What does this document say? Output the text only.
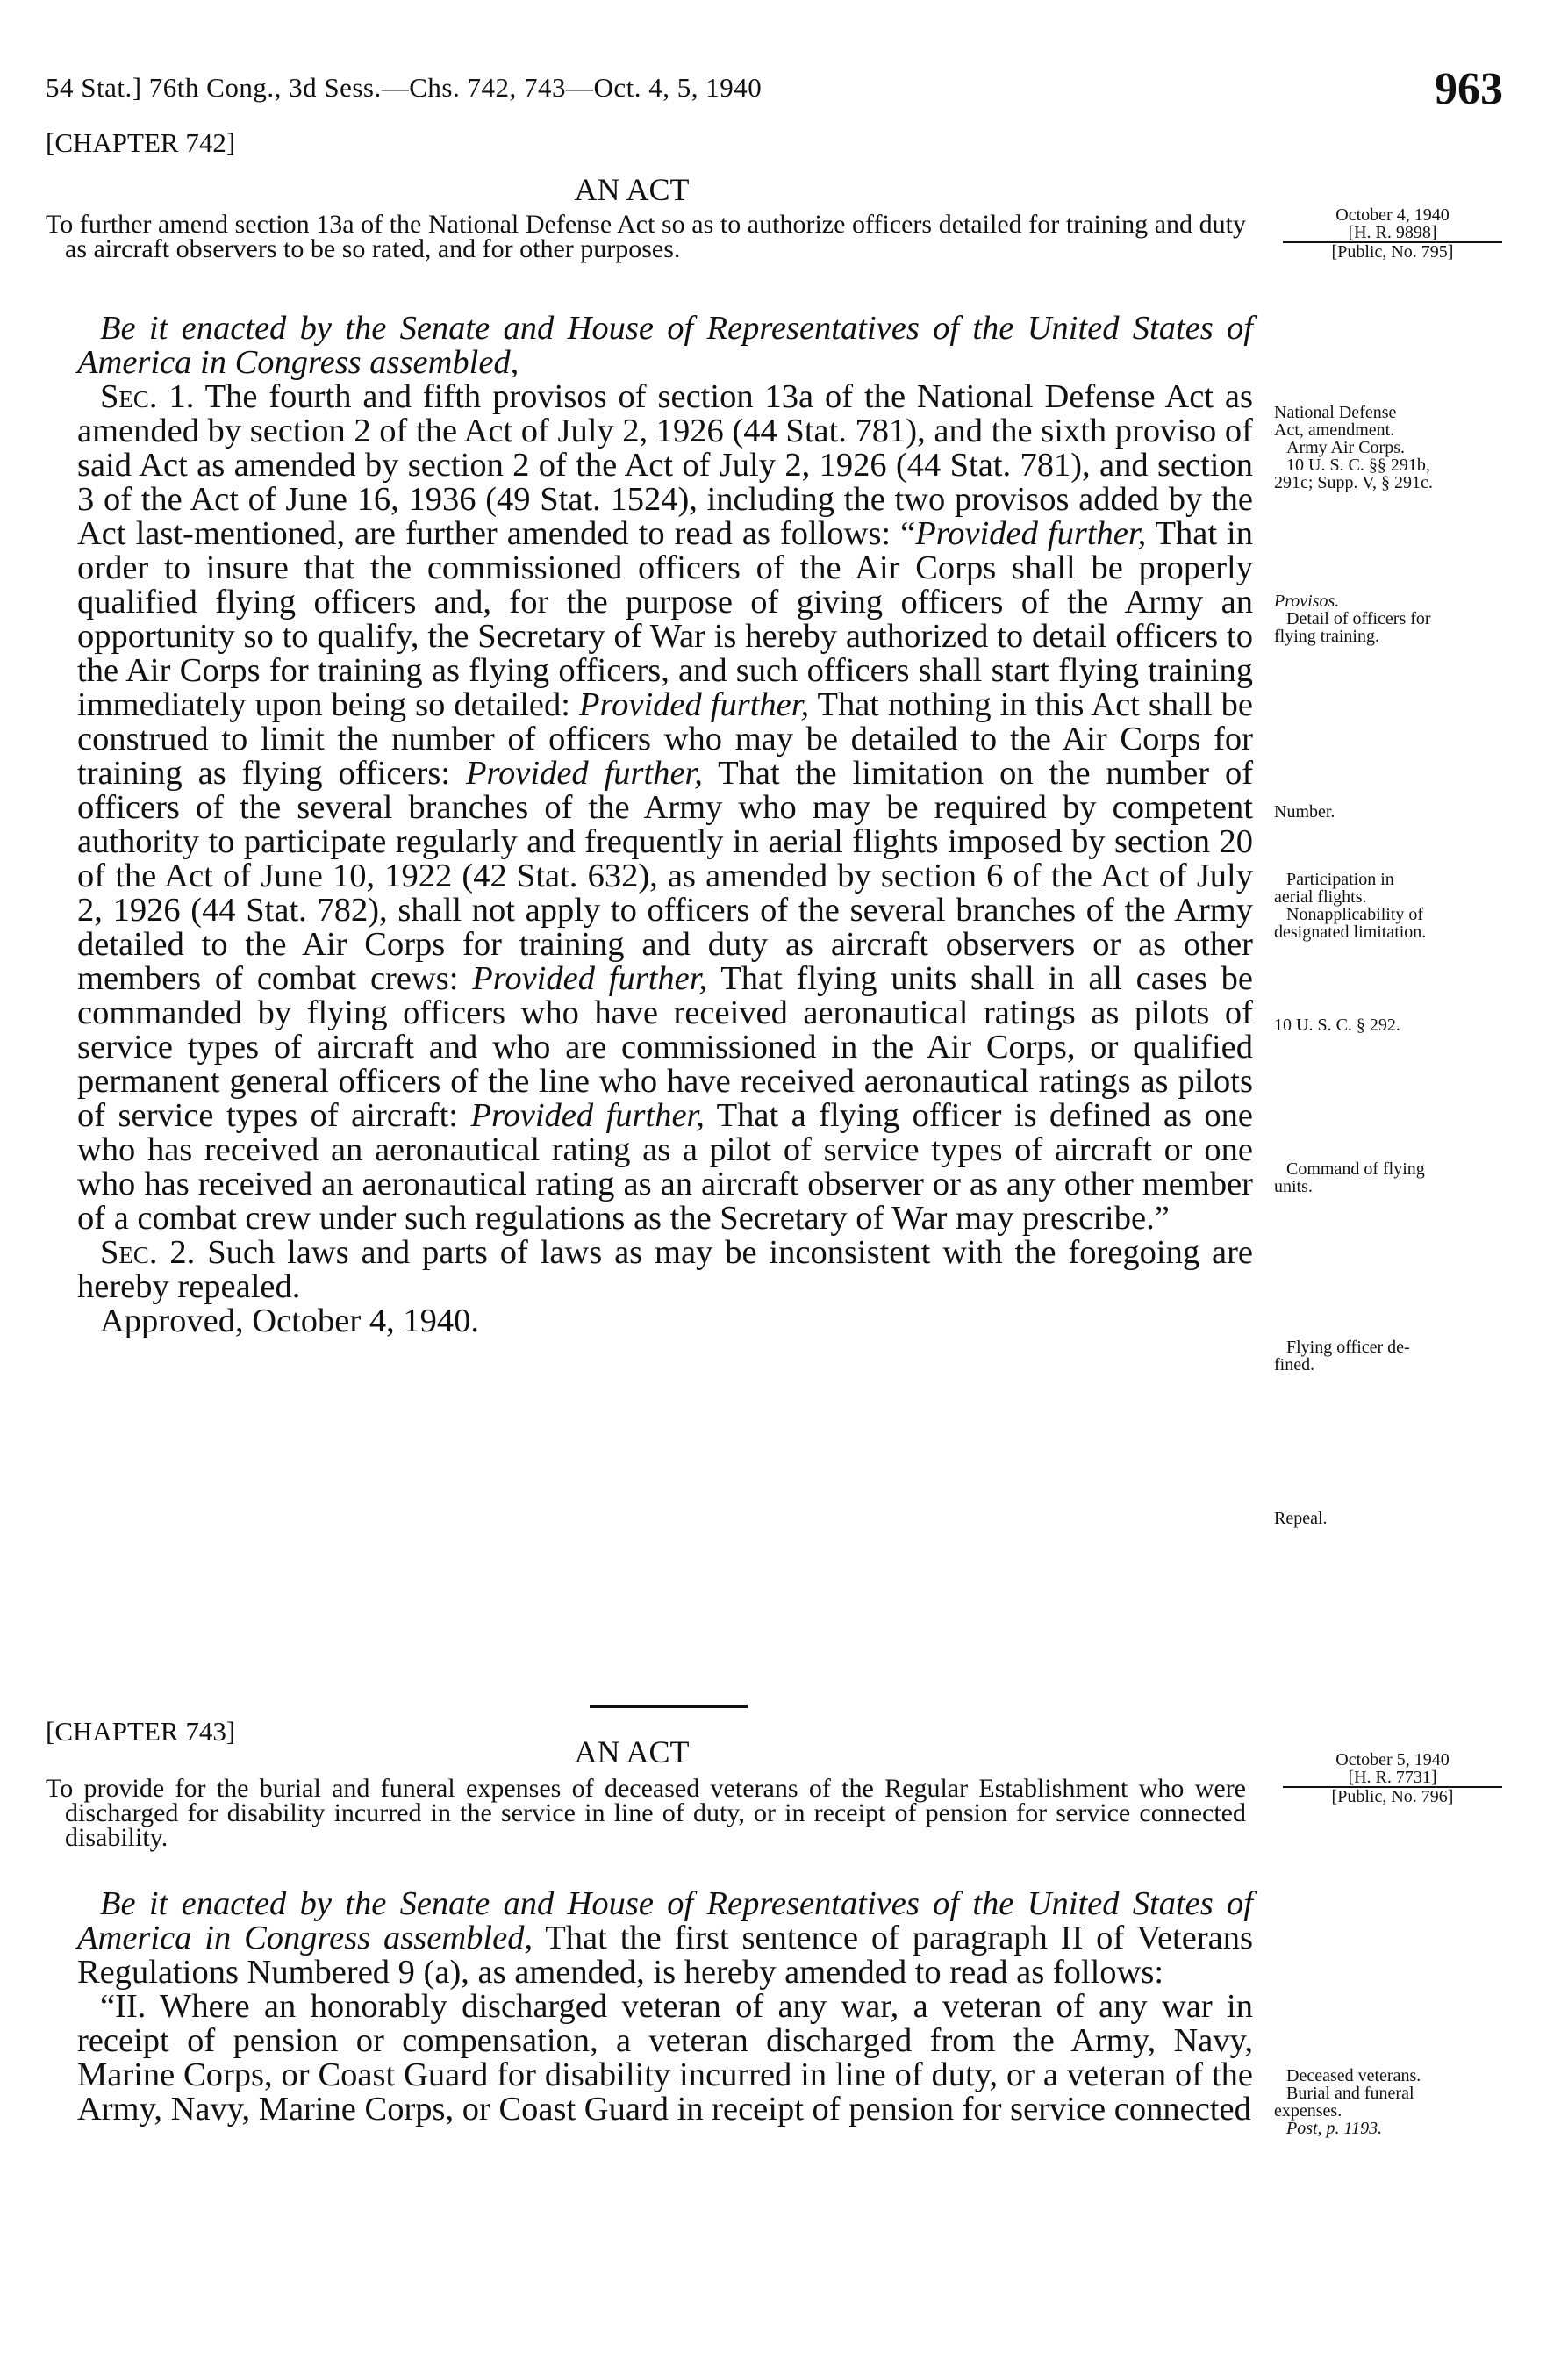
54 Stat.] 76th Cong., 3d Sess.—Chs. 742, 743—Oct. 4, 5, 1940	963
[CHAPTER 742]
AN ACT
To further amend section 13a of the National Defense Act so as to authorize officers detailed for training and duty as aircraft observers to be so rated, and for other purposes.
October 4, 1940
[H. R. 9898]
[Public, No. 795]

Be it enacted by the Senate and House of Representatives of the United States of America in Congress assembled,

Sec. 1. The fourth and fifth provisos of section 13a of the National Defense Act as amended by section 2 of the Act of July 2, 1926 (44 Stat. 781), and the sixth proviso of said Act as amended by section 2 of the Act of July 2, 1926 (44 Stat. 781), and section 3 of the Act of June 16, 1936 (49 Stat. 1524), including the two provisos added by the Act last-mentioned, are further amended to read as follows: “Provided further, That in order to insure that the commissioned officers of the Air Corps shall be properly qualified flying officers and, for the purpose of giving officers of the Army an opportunity so to qualify, the Secretary of War is hereby authorized to detail officers to the Air Corps for training as flying officers, and such officers shall start flying training immediately upon being so detailed: Provided further, That nothing in this Act shall be construed to limit the number of officers who may be detailed to the Air Corps for training as flying officers: Provided further, That the limitation on the number of officers of the several branches of the Army who may be required by competent authority to participate regularly and frequently in aerial flights imposed by section 20 of the Act of June 10, 1922 (42 Stat. 632), as amended by section 6 of the Act of July 2, 1926 (44 Stat. 782), shall not apply to officers of the several branches of the Army detailed to the Air Corps for training and duty as aircraft observers or as other members of combat crews: Provided further, That flying units shall in all cases be commanded by flying officers who have received aeronautical ratings as pilots of service types of aircraft and who are commissioned in the Air Corps, or qualified permanent general officers of the line who have received aeronautical ratings as pilots of service types of aircraft: Provided further, That a flying officer is defined as one who has received an aeronautical rating as a pilot of service types of aircraft or one who has received an aeronautical rating as an aircraft observer or as any other member of a combat crew under such regulations as the Secretary of War may prescribe.”

Sec. 2. Such laws and parts of laws as may be inconsistent with the foregoing are hereby repealed.

Approved, October 4, 1940.

National Defense
Act, amendment.
Army Air Corps.
10 U. S. C. §§ 291b,
291c; Supp. V, § 291c.
Provisos.
Detail of officers for
flying training.
Number.
Participation in
aerial flights.
Nonapplicability of
designated limitation.
10 U. S. C. § 292.
Command of flying
units.
Flying officer de-
fined.
Repeal.
[CHAPTER 743]
AN ACT
To provide for the burial and funeral expenses of deceased veterans of the Regular Establishment who were discharged for disability incurred in the service in line of duty, or in receipt of pension for service connected disability.
October 5, 1940
[H. R. 7731]
[Public, No. 796]

Be it enacted by the Senate and House of Representatives of the United States of America in Congress assembled, That the first sentence of paragraph II of Veterans Regulations Numbered 9 (a), as amended, is hereby amended to read as follows:

“II. Where an honorably discharged veteran of any war, a veteran of any war in receipt of pension or compensation, a veteran discharged from the Army, Navy, Marine Corps, or Coast Guard for disability incurred in line of duty, or a veteran of the Army, Navy, Marine Corps, or Coast Guard in receipt of pension for service connected

Deceased veterans.
Burial and funeral
expenses.
Post, p. 1193.
